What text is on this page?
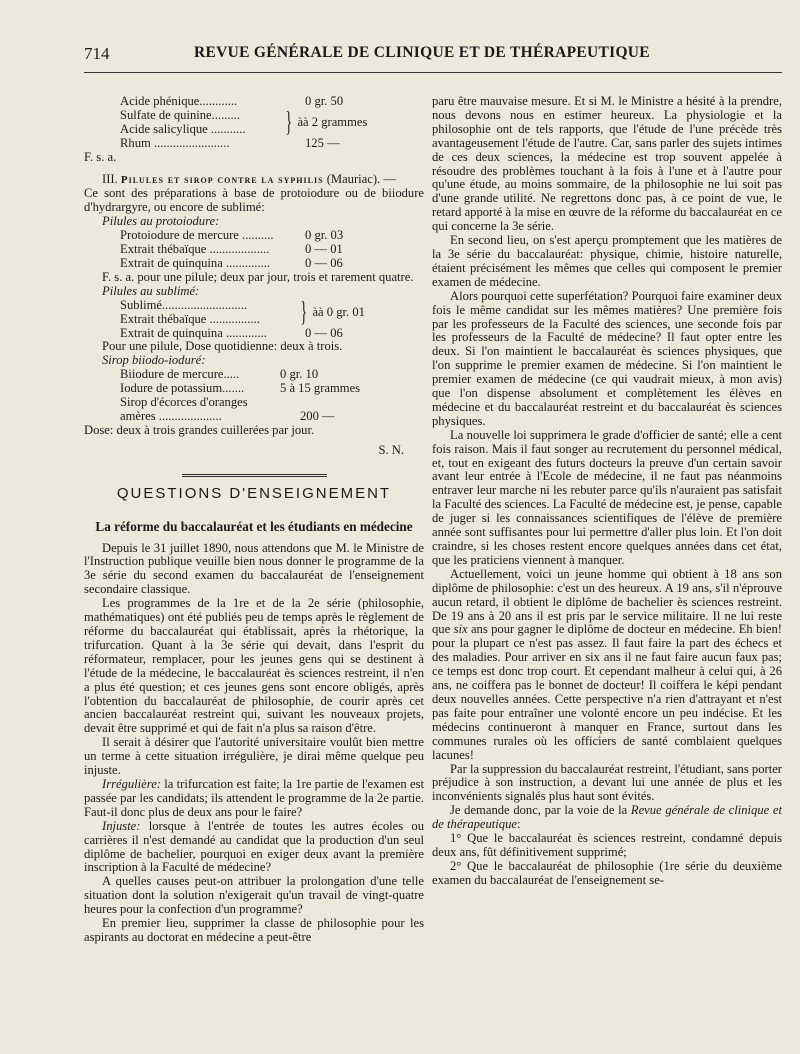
714	REVUE GÉNÉRALE DE CLINIQUE ET DE THÉRAPEUTIQUE
Acide phénique............	0 gr. 50
Sulfate de quinine.........
Acide salicylique ...........	} àà 2 grammes
Rhum ........................	125 —

F. s. a.

III. Pilules et sirop contre la syphilis (Mauriac). —

Ce sont des préparations à base de protoiodure ou de biiodure d'hydrargyre, ou encore de sublimé:

Pilules au protoiodure:

Protoiodure de mercure ..........	0 gr. 03
Extrait thébaïque ...................	0 — 01
Extrait de quinquina ..............	0 — 06

F. s. a. pour une pilule; deux par jour, trois et rarement quatre.

Pilules au sublimé:

Sublimé...........................
Extrait thébaïque ................	} àà 0 gr. 01
Extrait de quinquina .............	0 — 06

Pour une pilule, Dose quotidienne: deux à trois.

Sirop biiodo-ioduré:

Biiodure de mercure.....	0 gr. 10
Iodure de potassium.......	5 à 15 grammes
Sirop d'écorces d'oranges
amères ....................	200 —

Dose: deux à trois grandes cuillerées par jour.

S. N.

QUESTIONS D'ENSEIGNEMENT
La réforme du baccalauréat et les étudiants en médecine

Depuis le 31 juillet 1890, nous attendons que M. le Ministre de l'Instruction publique veuille bien nous donner le programme de la 3e série du second examen du baccalauréat de l'enseignement secondaire classique.

Les programmes de la 1re et de la 2e série (philosophie, mathématiques) ont été publiés peu de temps après le règlement de réforme du baccalauréat qui établissait, après la rhétorique, la trifurcation. Quant à la 3e série qui devait, dans l'esprit du réformateur, remplacer, pour les jeunes gens qui se destinent à l'étude de la médecine, le baccalauréat ès sciences restreint, il n'en a plus été question; et ces jeunes gens sont encore obligés, après l'obtention du baccalauréat de philosophie, de courir après cet ancien baccalauréat restreint qui, suivant les nouveaux projets, devait être supprimé et qui de fait n'a plus sa raison d'être.

Il serait à désirer que l'autorité universitaire voulût bien mettre un terme à cette situation irrégulière, je dirai même quelque peu injuste.

Irrégulière: la trifurcation est faite; la 1re partie de l'examen est passée par les candidats; ils attendent le programme de la 2e partie. Faut-il donc plus de deux ans pour le faire?

Injuste: lorsque à l'entrée de toutes les autres écoles ou carrières il n'est demandé au candidat que la production d'un seul diplôme de bachelier, pourquoi en exiger deux avant la première inscription à la Faculté de médecine?

A quelles causes peut-on attribuer la prolongation d'une telle situation dont la solution n'exigerait qu'un travail de vingt-quatre heures pour la confection d'un programme?

En premier lieu, supprimer la classe de philosophie pour les aspirants au doctorat en médecine a peut-être

paru être mauvaise mesure. Et si M. le Ministre a hésité à la prendre, nous devons nous en estimer heureux. La physiologie et la philosophie ont de tels rapports, que l'étude de l'une précède très avantageusement l'étude de l'autre. Car, sans parler des sujets intimes de ces deux sciences, la médecine est trop souvent appelée à résoudre des problèmes touchant à la fois à l'une et à l'autre pour qu'une étude, au moins sommaire, de la philosophie ne lui soit pas d'une grande utilité. Ne regrettons donc pas, à ce point de vue, le retard apporté à la mise en œuvre de la réforme du baccalauréat en ce qui concerne la 3e série.

En second lieu, on s'est aperçu promptement que les matières de la 3e série du baccalauréat: physique, chimie, histoire naturelle, étaient précisément les mêmes que celles qui composent le premier examen de médecine.

Alors pourquoi cette superfétation? Pourquoi faire examiner deux fois le même candidat sur les mêmes matières? Une première fois par les professeurs de la Faculté des sciences, une seconde fois par les professeurs de la Faculté de médecine? Il faut opter entre les deux. Si l'on maintient le baccalauréat ès sciences physiques, que l'on supprime le premier examen de médecine. Si l'on maintient le premier examen de médecine (ce qui vaudrait mieux, à mon avis) que l'on dispense absolument et complètement les élèves en médecine et du baccalauréat restreint et du baccalauréat ès sciences physiques.

La nouvelle loi supprimera le grade d'officier de santé; elle a cent fois raison. Mais il faut songer au recrutement du personnel médical, et, tout en exigeant des futurs docteurs la preuve d'un certain savoir avant leur entrée à l'Ecole de médecine, il ne faut pas néanmoins entraver leur marche ni les rebuter parce qu'ils n'auraient pas satisfait la Faculté des sciences. La Faculté de médecine est, je pense, capable de juger si les connaissances scientifiques de l'élève de première année sont suffisantes pour lui permettre d'aller plus loin. Et l'on doit craindre, si les choses restent encore quelques années dans cet état, que les praticiens viennent à manquer.

Actuellement, voici un jeune homme qui obtient à 18 ans son diplôme de philosophie: c'est un des heureux. A 19 ans, s'il n'éprouve aucun retard, il obtient le diplôme de bachelier ès sciences restreint. De 19 ans à 20 ans il est pris par le service militaire. Il ne lui reste que six ans pour gagner le diplôme de docteur en médecine. Eh bien! pour la plupart ce n'est pas assez. Il faut faire la part des échecs et des maladies. Pour arriver en six ans il ne faut faire aucun faux pas; ce temps est donc trop court. Et cependant malheur à celui qui, à 26 ans, ne coiffera pas le bonnet de docteur! Il coiffera le képi pendant deux nouvelles années. Cette perspective n'a rien d'attrayant et n'est pas faite pour entraîner une volonté encore un peu indécise. Et les médecins continueront à manquer en France, surtout dans les communes rurales où les officiers de santé comblaient quelques lacunes!

Par la suppression du baccalauréat restreint, l'étudiant, sans porter préjudice à son instruction, a devant lui une année de plus et les inconvénients signalés plus haut sont évités.

Je demande donc, par la voie de la Revue générale de clinique et de thérapeutique:

1° Que le baccalauréat ès sciences restreint, condamné depuis deux ans, fût définitivement supprimé;

2° Que le baccalauréat de philosophie (1re série du deuxième examen du baccalauréat de l'enseignement se-
